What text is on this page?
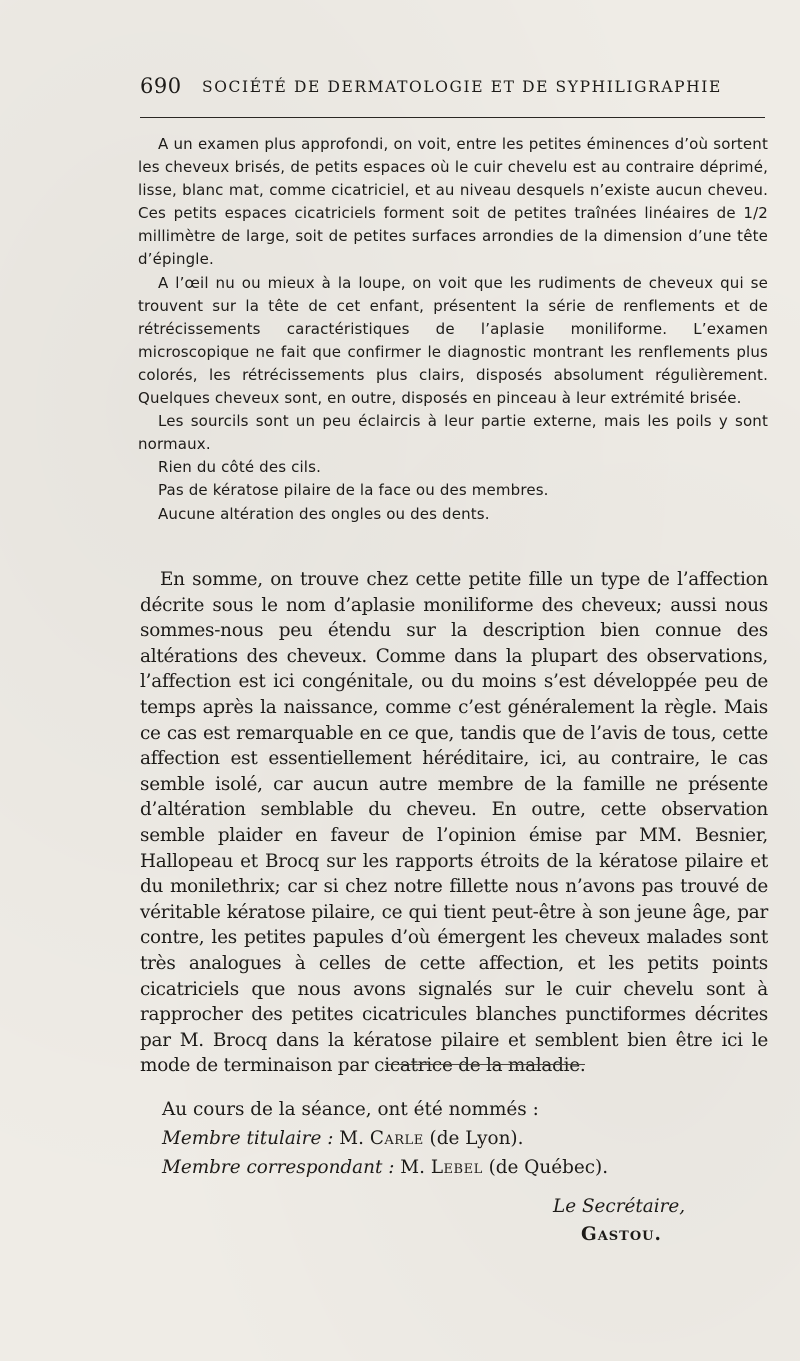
690 SOCIÉTÉ DE DERMATOLOGIE ET DE SYPHILIGRAPHIE

A un examen plus approfondi, on voit, entre les petites éminences d’où sortent les cheveux brisés, de petits espaces où le cuir chevelu est au contraire déprimé, lisse, blanc mat, comme cicatriciel, et au niveau desquels n’existe aucun cheveu. Ces petits espaces cicatriciels forment soit de petites traînées linéaires de 1/2 millimètre de large, soit de petites surfaces arrondies de la dimension d’une tête d’épingle.

A l’œil nu ou mieux à la loupe, on voit que les rudiments de cheveux qui se trouvent sur la tête de cet enfant, présentent la série de renflements et de rétrécissements caractéristiques de l’aplasie moniliforme. L’examen microscopique ne fait que confirmer le diagnostic montrant les renflements plus colorés, les rétrécissements plus clairs, disposés absolument régulièrement. Quelques cheveux sont, en outre, disposés en pinceau à leur extrémité brisée.

Les sourcils sont un peu éclaircis à leur partie externe, mais les poils y sont normaux.

Rien du côté des cils.

Pas de kératose pilaire de la face ou des membres.

Aucune altération des ongles ou des dents.

En somme, on trouve chez cette petite fille un type de l’affection décrite sous le nom d’aplasie moniliforme des cheveux; aussi nous sommes-nous peu étendu sur la description bien connue des altérations des cheveux. Comme dans la plupart des observations, l’affection est ici congénitale, ou du moins s’est développée peu de temps après la naissance, comme c’est généralement la règle. Mais ce cas est remarquable en ce que, tandis que de l’avis de tous, cette affection est essentiellement héréditaire, ici, au contraire, le cas semble isolé, car aucun autre membre de la famille ne présente d’altération semblable du cheveu. En outre, cette observation semble plaider en faveur de l’opinion émise par MM. Besnier, Hallopeau et Brocq sur les rapports étroits de la kératose pilaire et du monilethrix; car si chez notre fillette nous n’avons pas trouvé de véritable kératose pilaire, ce qui tient peut-être à son jeune âge, par contre, les petites papules d’où émergent les cheveux malades sont très analogues à celles de cette affection, et les petits points cicatriciels que nous avons signalés sur le cuir chevelu sont à rapprocher des petites cicatricules blanches punctiformes décrites par M. Brocq dans la kératose pilaire et semblent bien être ici le mode de terminaison par cicatrice de la maladie.

Au cours de la séance, ont été nommés :
Membre titulaire : M. Carle (de Lyon).
Membre correspondant : M. Lebel (de Québec).
Le Secrétaire,
Gastou.
